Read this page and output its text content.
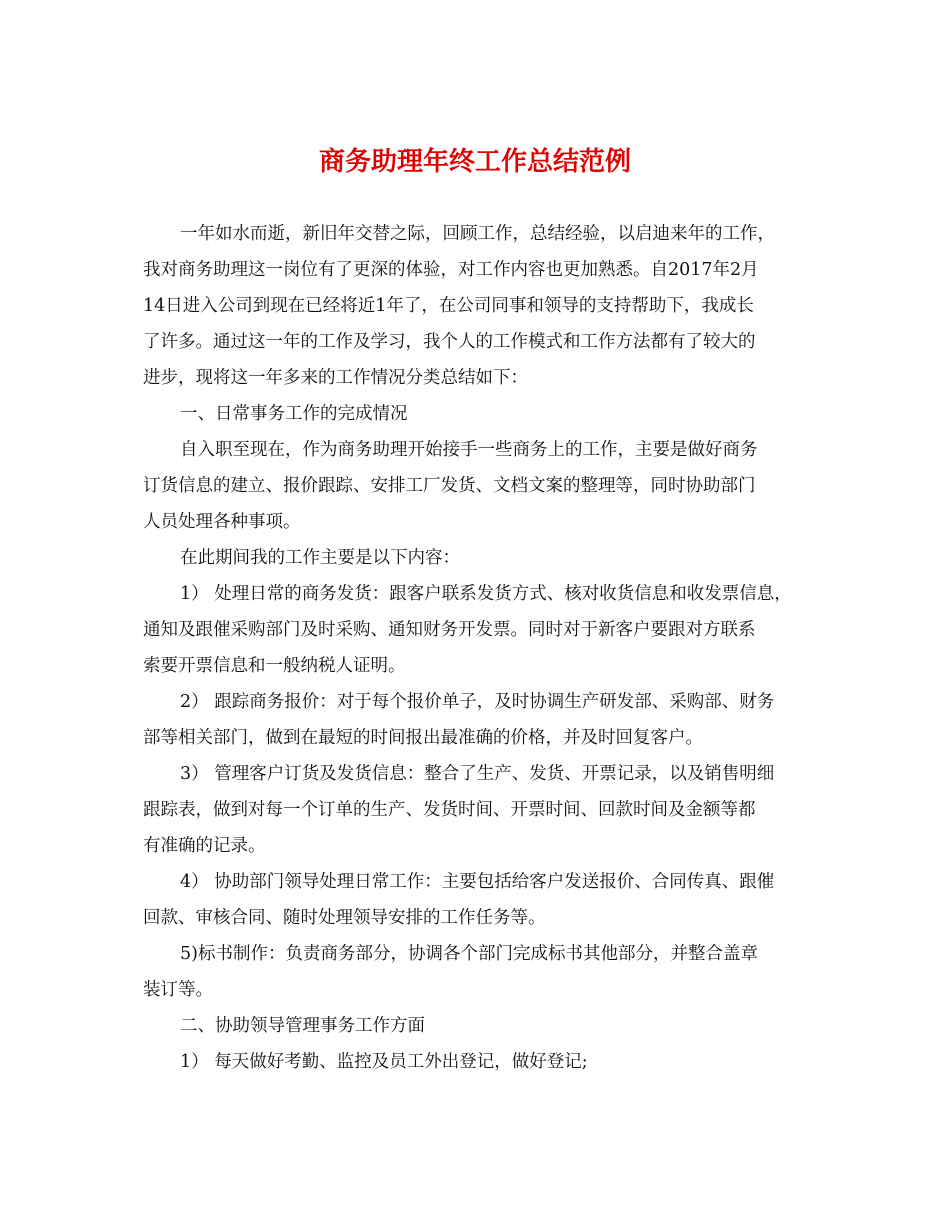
商务助理年终工作总结范例

一年如水而逝，新旧年交替之际，回顾工作，总结经验，以启迪来年的工作，

我对商务助理这一岗位有了更深的体验，对工作内容也更加熟悉。自2017年2月

14日进入公司到现在已经将近1年了，在公司同事和领导的支持帮助下，我成长

了许多。通过这一年的工作及学习，我个人的工作模式和工作方法都有了较大的

进步，现将这一年多来的工作情况分类总结如下：

一、日常事务工作的完成情况

自入职至现在，作为商务助理开始接手一些商务上的工作，主要是做好商务

订货信息的建立、报价跟踪、安排工厂发货、文档文案的整理等，同时协助部门

人员处理各种事项。

在此期间我的工作主要是以下内容：

1） 处理日常的商务发货：跟客户联系发货方式、核对收货信息和收发票信息，

通知及跟催采购部门及时采购、通知财务开发票。同时对于新客户要跟对方联系

索要开票信息和一般纳税人证明。

2） 跟踪商务报价：对于每个报价单子，及时协调生产研发部、采购部、财务

部等相关部门，做到在最短的时间报出最准确的价格，并及时回复客户。

3） 管理客户订货及发货信息：整合了生产、发货、开票记录，以及销售明细

跟踪表，做到对每一个订单的生产、发货时间、开票时间、回款时间及金额等都

有准确的记录。

4） 协助部门领导处理日常工作：主要包括给客户发送报价、合同传真、跟催

回款、审核合同、随时处理领导安排的工作任务等。

5)标书制作：负责商务部分，协调各个部门完成标书其他部分，并整合盖章

装订等。

二、协助领导管理事务工作方面

1） 每天做好考勤、监控及员工外出登记，做好登记;
